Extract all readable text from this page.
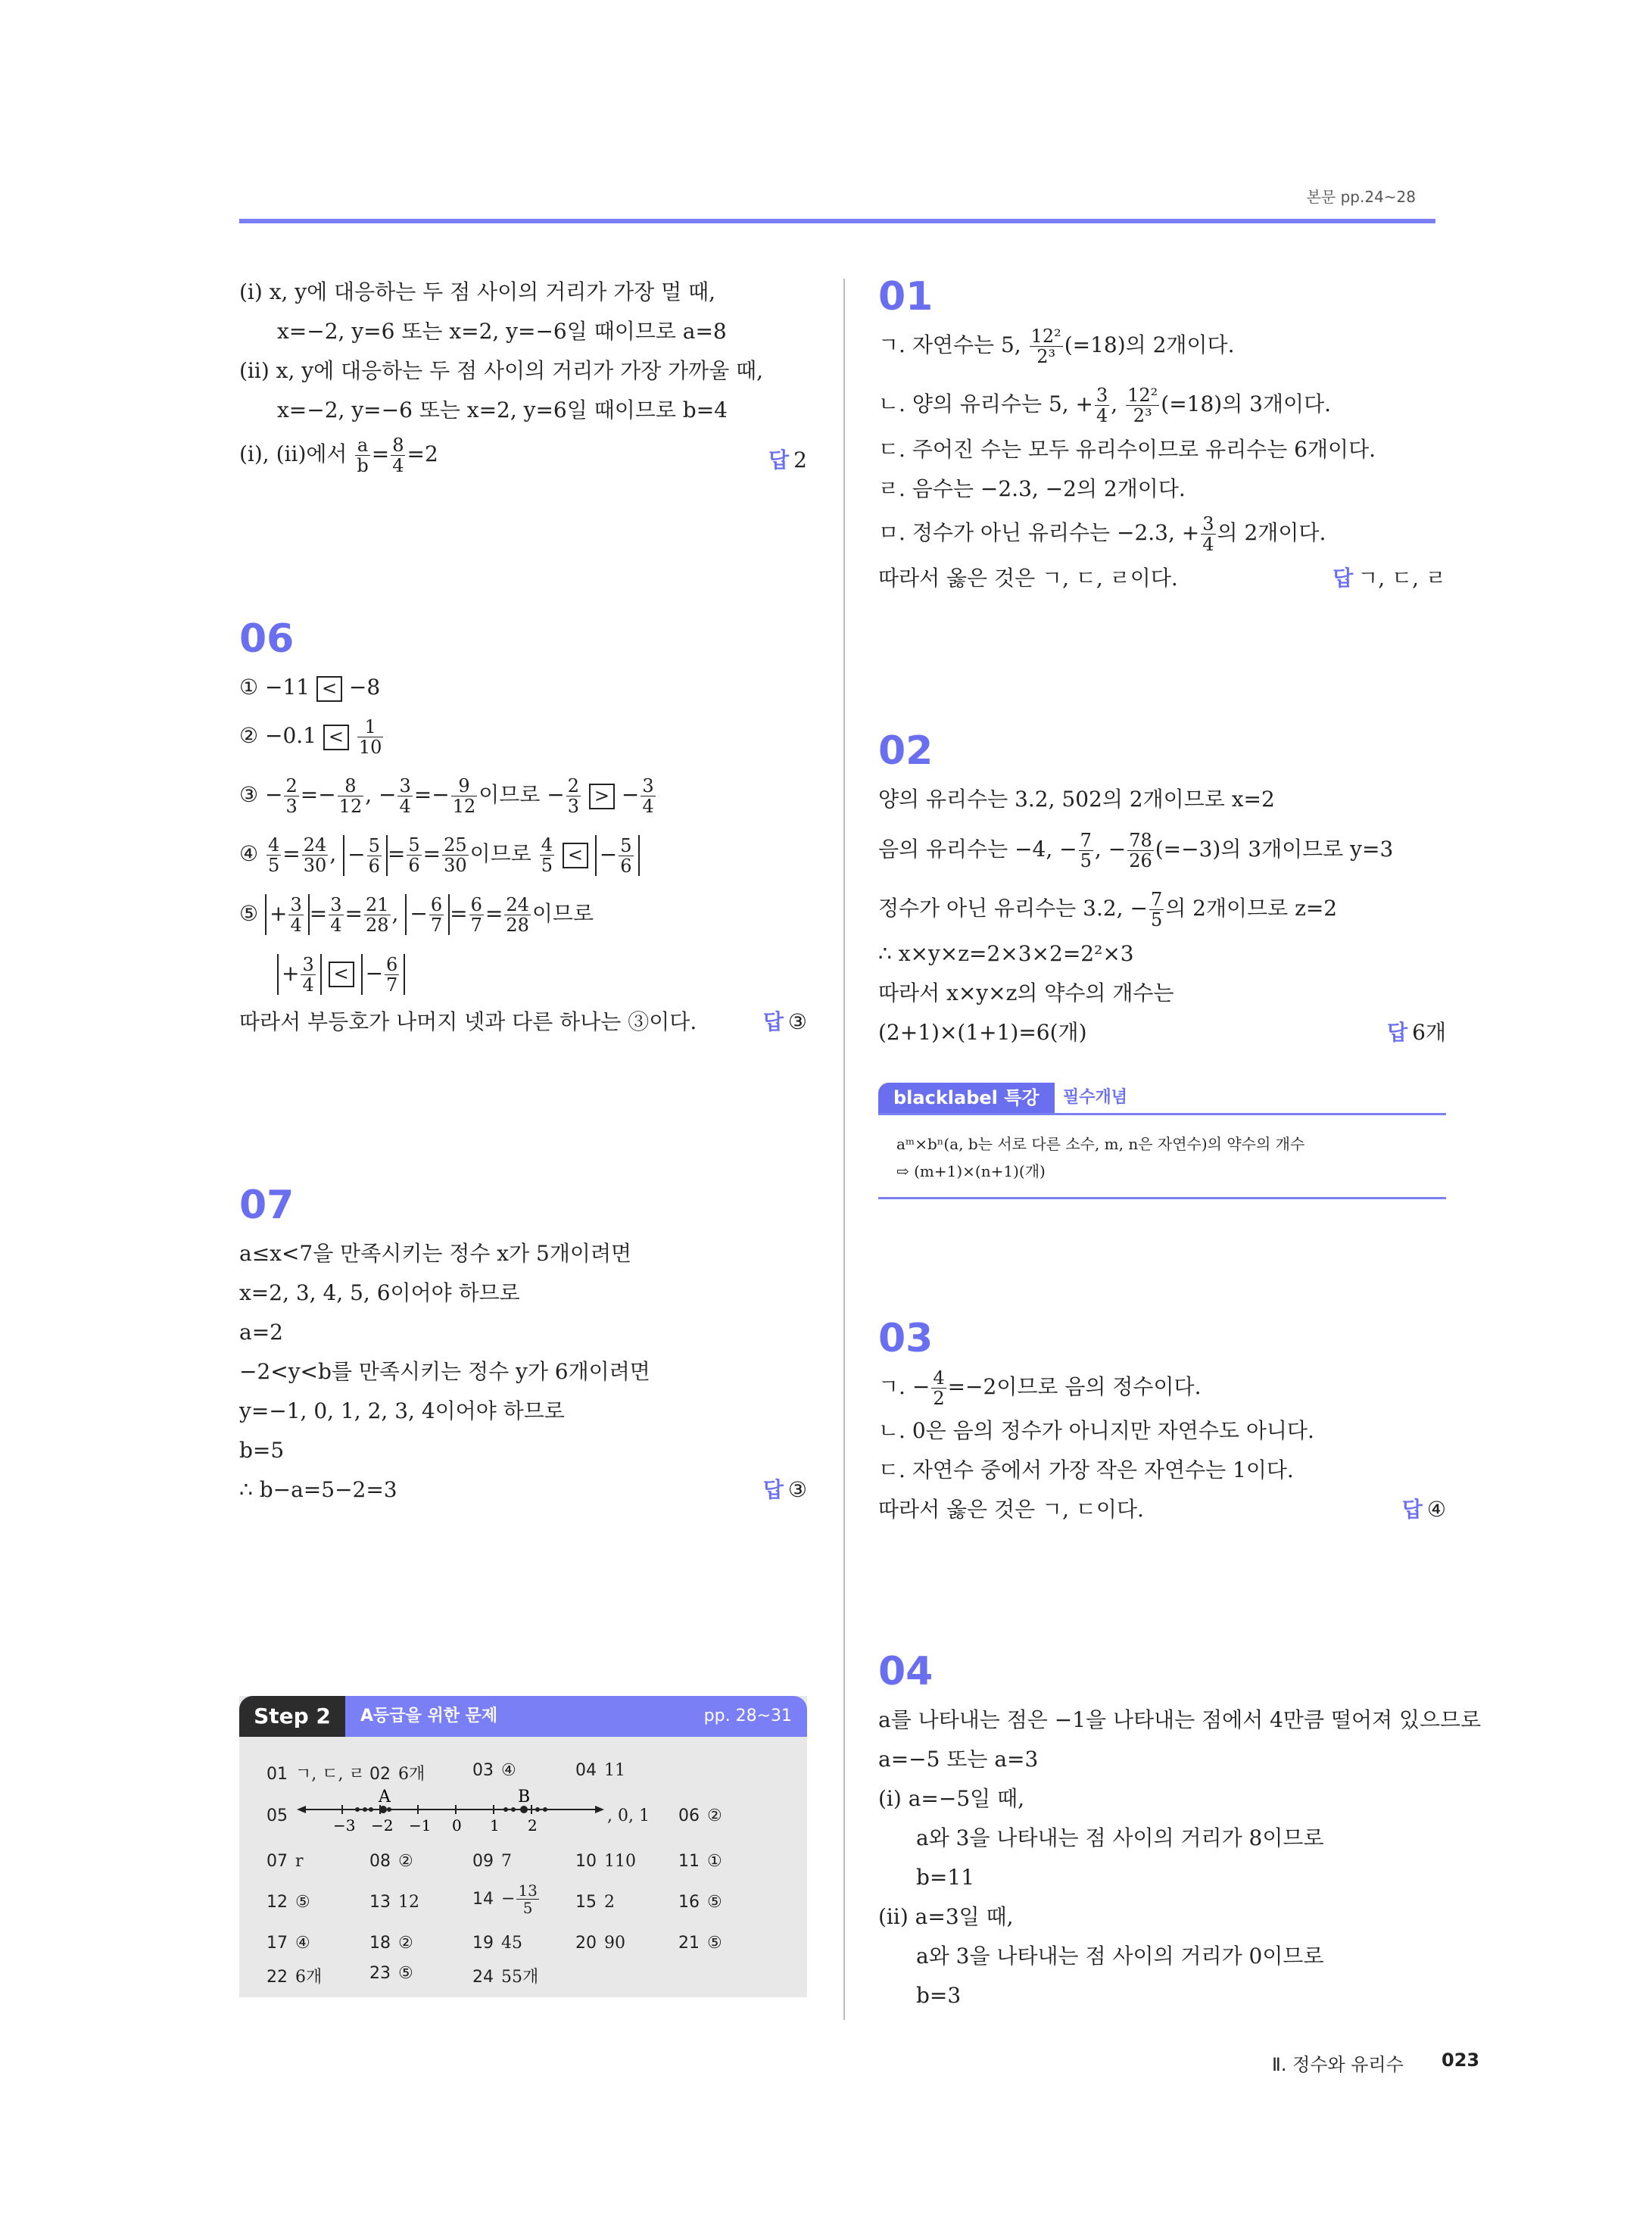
본문 pp.24~28
(ⅰ) x, y에 대응하는 두 점 사이의 거리가 가장 멀 때,
x=−2, y=6 또는 x=2, y=−6일 때이므로 a=8
(ⅱ) x, y에 대응하는 두 점 사이의 거리가 가장 가까울 때,
x=−2, y=−6 또는 x=2, y=6일 때이므로 b=4
(ⅰ), (ⅱ)에서 $\frac{a}{b} = \frac{8}{4} =2$	답 2
06
① −11 < −8
② $-0.1 < \frac{1}{10}$
③ − $\frac{2}{3} =- \frac{8}{12}$ , − $\frac{3}{4} =- \frac{9}{12}$ 이므로 − $\frac{2}{3}$ > − $\frac{3}{4}$
④ $\frac{4}{5} = \frac{24}{30}$ , − $\frac{5}{6} = \frac{5}{6} = \frac{25}{30}$ 이므로 $\frac{4}{5}$ < − $\frac{5}{6}$
⑤ + $\frac{3}{4} = \frac{3}{4} = \frac{21}{28}$ , − $\frac{6}{7} = \frac{6}{7} = \frac{24}{28}$ 이므로
+ $\frac{3}{4}$ < − $\frac{6}{7}$
따라서 부등호가 나머지 넷과 다른 하나는 ③이다.	답 ③
07
a≤x<7을 만족시키는 정수 x가 5개이려면
x=2, 3, 4, 5, 6이어야 하므로
a=2
−2<y<b를 만족시키는 정수 y가 6개이려면
y=−1, 0, 1, 2, 3, 4이어야 하므로
b=5
∴ b−a=5−2=3	답 ③
Step 2	A등급을 위한 문제	pp. 28~31
01 ㄱ, ㄷ, ㄹ 02 6개	03 ④	04 11
05
A	B
−3 −2 −1 0 1 2	, 0, 1 06 ②
07 r	08 ②	09 7	10 110	11 ①
12 ⑤	13 12	$14 - \frac{13}{5} 15$ 2	16 ⑤
17 ④	18 ②	19 45	20 90	21 ⑤
22 6개	23 ⑤	24 55개
01
ㄱ. 자연수는 5, $\frac{\text{12²}}{\text{2³}} (=18)$의 2개이다.
ㄴ. 양의 유리수는 5, + $\frac{3}{4}$ , $\frac{\text{12²}}{\text{2³}} (=18)$의 3개이다.
ㄷ. 주어진 수는 모두 유리수이므로 유리수는 6개이다.
ㄹ. 음수는 −2.3, −2의 2개이다.
ㅁ. 정수가 아닌 유리수는 −2.3, + $\frac{3}{4}$ 의 2개이다.
따라서 옳은 것은 ㄱ, ㄷ, ㄹ이다.	답 ㄱ, ㄷ, ㄹ
02
양의 유리수는 3.2, 502의 2개이므로 x=2
음의 유리수는 −4, − $\frac{7}{5}$ , − $\frac{78}{26} (=-3)$의 3개이므로 y=3
정수가 아닌 유리수는 3.2, − $\frac{7}{5}$ 의 2개이므로 z=2
∴ x×y×z=2×3×2=2²×3
따라서 x×y×z의 약수의 개수는
(2+1)×(1+1)=6(개)	답 6개
blacklabel 특강	필수개념
aᵐ×bⁿ(a, b는 서로 다른 소수, m, n은 자연수)의 약수의 개수
⇨ (m+1)×(n+1)(개)
03
ㄱ. − $\frac{4}{2} =-2$이므로 음의 정수이다.
ㄴ. 0은 음의 정수가 아니지만 자연수도 아니다.
ㄷ. 자연수 중에서 가장 작은 자연수는 1이다.
따라서 옳은 것은 ㄱ, ㄷ이다.	답 ④
04
a를 나타내는 점은 −1을 나타내는 점에서 4만큼 떨어져 있으므로
a=−5 또는 a=3
(ⅰ) a=−5일 때,
a와 3을 나타내는 점 사이의 거리가 8이므로
b=11
(ⅱ) a=3일 때,
a와 3을 나타내는 점 사이의 거리가 0이므로
b=3
Ⅱ. 정수와 유리수 023
